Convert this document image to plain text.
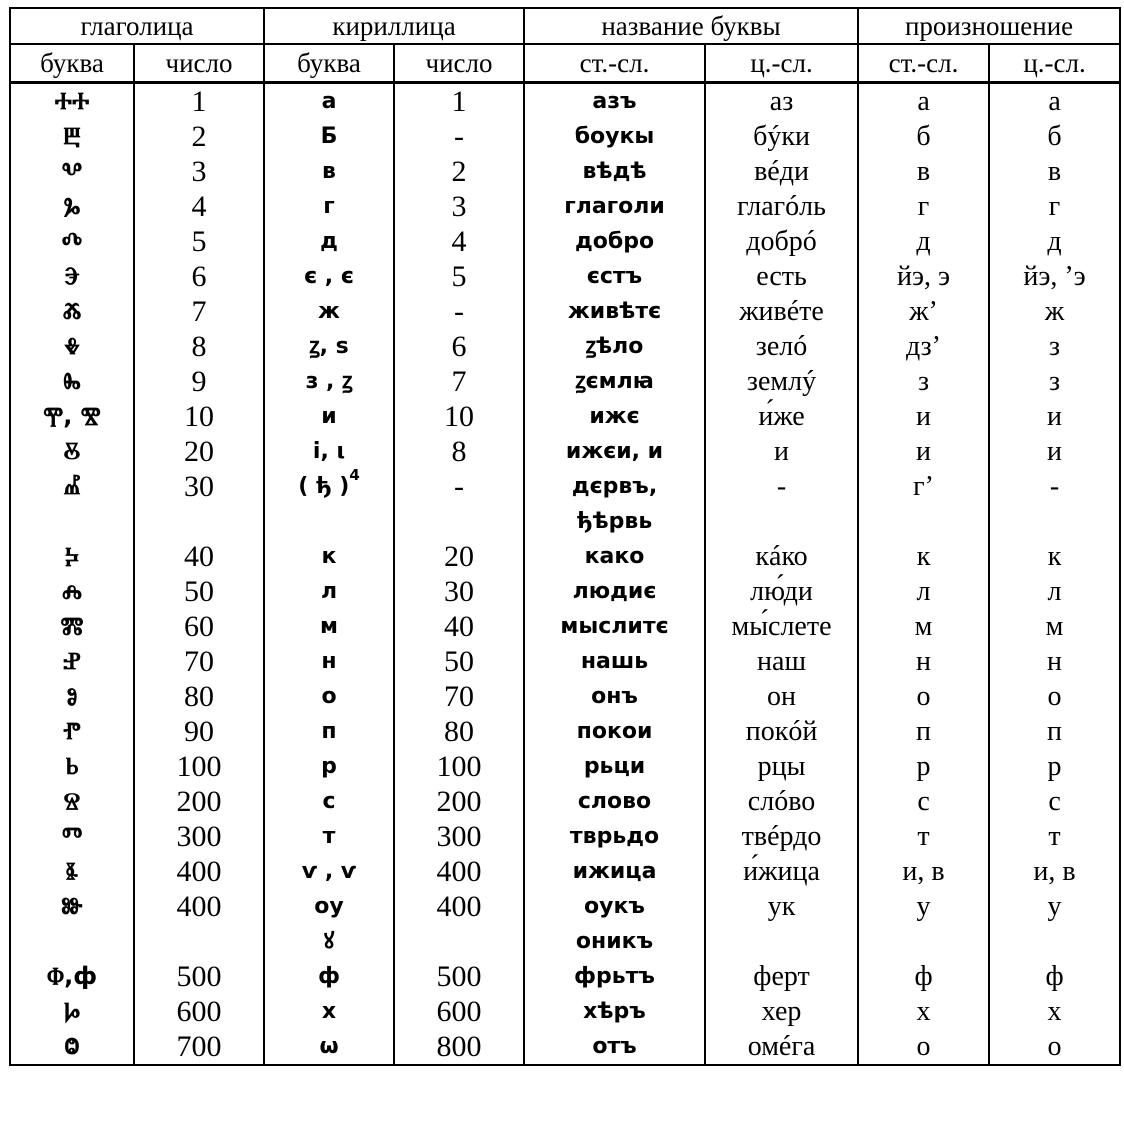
глаголица		кириллица		название буквы		произношение	
буква	число	буква	число	ст.-сл.	ц.-сл.	ст.-сл.	ц.-сл.
ⰀⰀ	1	а	1	азъ	аз	а	а
Ⰱ	2	Б	-	боукы	бýки	б	б
Ⰲ	3	в	2	вѣдѣ	вéди	в	в
Ⰳ	4	г	3	глаголи	глагóль	г	г
Ⰴ	5	д	4	добро	добрó	д	д
Ⰵ	6	є , є	5	єстъ	есть	йэ, э	йэ, ’э
Ⰶ	7	ж	-	живѣтє	живéте	ж’	ж
Ⰷ	8	ꙁ, ѕ	6	ꙁѣло	зелó	дз’	з
Ⰸ	9	з , ꙁ	7	ꙁємлꙗ	землý	з	з
Ⰹ, Ⰺ	10	и	10	ижє	и́же	и	и
Ⰻ	20	і, ι	8	ижєи, и	и	и	и
Ⰼ	30	( ђ )$^4$	-	дєрвъ,	-	г’	-
				ђѣрвь			
Ⰽ	40	к	20	како	кáко	к	к
Ⰾ	50	л	30	людиє	лю́ди	л	л
Ⰿ	60	м	40	мыслитє	мы́слете	м	м
Ⱀ	70	н	50	нашь	наш	н	н
Ⱁ	80	о	70	онъ	он	о	о
Ⱂ	90	п	80	покои	покóй	п	п
Ⱃ	100	р	100	рьци	рцы	р	р
Ⱄ	200	с	200	слово	слóво	с	с
Ⱅ	300	т	300	тврьдо	твéрдо	т	т
Ⱛ	400	ѵ , ѵ	400	ижица	и́жица	и, в	и, в
Ⱆ	400	оу	400	оукъ	ук	у	у
		ꙋ		оникъ			
Ⱇ,ф	500	ф	500	фрьтъ	ферт	ф	ф
Ⱈ	600	х	600	хѣръ	хер	х	х
Ⱉ	700	ѡ	800	отъ	омéга	о	о
